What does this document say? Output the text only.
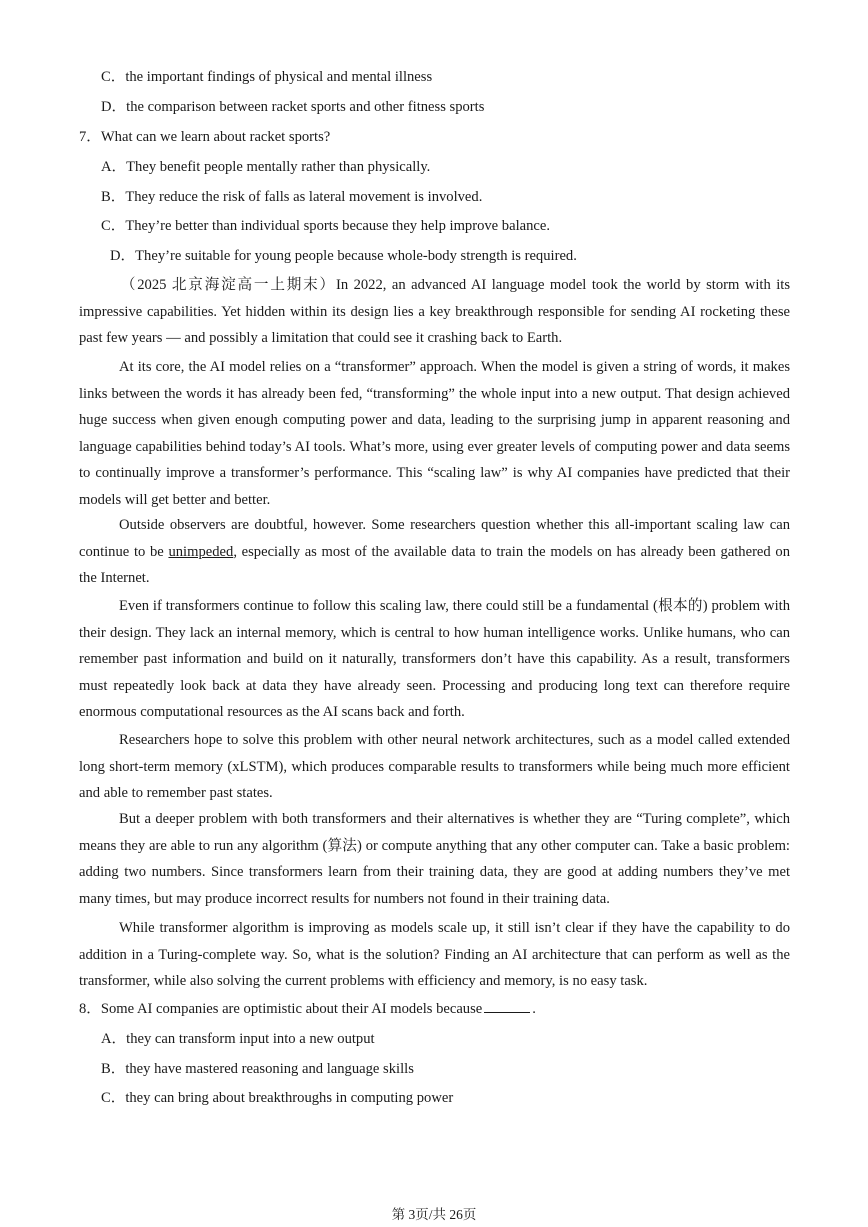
C．the important findings of physical and mental illness
D．the comparison between racket sports and other fitness sports
7．What can we learn about racket sports?
A．They benefit people mentally rather than physically.
B．They reduce the risk of falls as lateral movement is involved.
C．They’re better than individual sports because they help improve balance.
D．They’re suitable for young people because whole-body strength is required.

（2025 北京海淀高一上期末）In 2022, an advanced AI language model took the world by storm with its impressive capabilities. Yet hidden within its design lies a key breakthrough responsible for sending AI rocketing these past few years — and possibly a limitation that could see it crashing back to Earth.

At its core, the AI model relies on a “transformer” approach. When the model is given a string of words, it makes links between the words it has already been fed, “transforming” the whole input into a new output. That design achieved huge success when given enough computing power and data, leading to the surprising jump in apparent reasoning and language capabilities behind today’s AI tools. What’s more, using ever greater levels of computing power and data seems to continually improve a transformer’s performance. This “scaling law” is why AI companies have predicted that their models will get better and better.

Outside observers are doubtful, however. Some researchers question whether this all-important scaling law can continue to be unimpeded, especially as most of the available data to train the models on has already been gathered on the Internet.

Even if transformers continue to follow this scaling law, there could still be a fundamental (根本的) problem with their design. They lack an internal memory, which is central to how human intelligence works. Unlike humans, who can remember past information and build on it naturally, transformers don’t have this capability. As a result, transformers must repeatedly look back at data they have already seen. Processing and producing long text can therefore require enormous computational resources as the AI scans back and forth.

Researchers hope to solve this problem with other neural network architectures, such as a model called extended long short-term memory (xLSTM), which produces comparable results to transformers while being much more efficient and able to remember past states.

But a deeper problem with both transformers and their alternatives is whether they are “Turing complete”, which means they are able to run any algorithm (算法) or compute anything that any other computer can. Take a basic problem: adding two numbers. Since transformers learn from their training data, they are good at adding numbers they’ve met many times, but may produce incorrect results for numbers not found in their training data.

While transformer algorithm is improving as models scale up, it still isn’t clear if they have the capability to do addition in a Turing-complete way. So, what is the solution? Finding an AI architecture that can perform as well as the transformer, while also solving the current problems with efficiency and memory, is no easy task.

8．Some AI companies are optimistic about their AI models because	.
A．they can transform input into a new output
B．they have mastered reasoning and language skills
C．they can bring about breakthroughs in computing power
第 3页/共 26页
